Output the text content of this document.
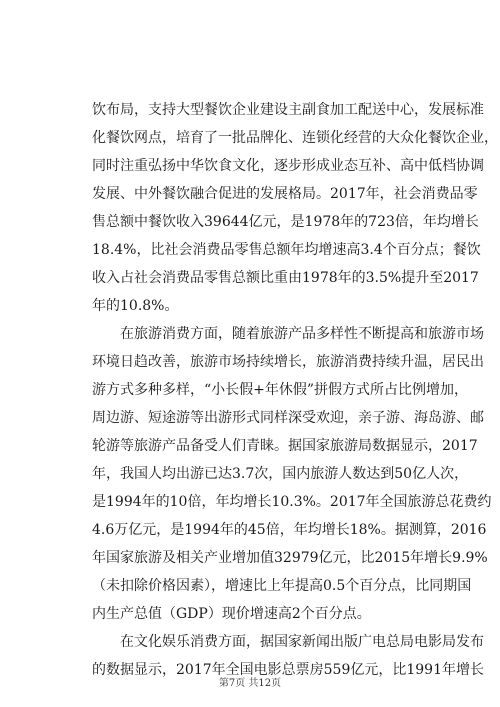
饮布局，支持大型餐饮企业建设主副食加工配送中心，发展标准
化餐饮网点，培育了一批品牌化、连锁化经营的大众化餐饮企业，
同时注重弘扬中华饮食文化，逐步形成业态互补、高中低档协调
发展、中外餐饮融合促进的发展格局。2017年，社会消费品零
售总额中餐饮收入39644亿元，是1978年的723倍，年均增长
18.4%，比社会消费品零售总额年均增速高3.4个百分点；餐饮
收入占社会消费品零售总额比重由1978年的3.5%提升至2017
年的10.8%。
在旅游消费方面，随着旅游产品多样性不断提高和旅游市场
环境日趋改善，旅游市场持续增长，旅游消费持续升温，居民出
游方式多种多样，“小长假+年休假”拼假方式所占比例增加，
周边游、短途游等出游形式同样深受欢迎，亲子游、海岛游、邮
轮游等旅游产品备受人们青睐。据国家旅游局数据显示，2017
年，我国人均出游已达3.7次，国内旅游人数达到50亿人次，
是1994年的10倍，年均增长10.3%。2017年全国旅游总花费约
4.6万亿元，是1994年的45倍，年均增长18%。据测算，2016
年国家旅游及相关产业增加值32979亿元，比2015年增长9.9%
（未扣除价格因素），增速比上年提高0.5个百分点，比同期国
内生产总值（GDP）现价增速高2个百分点。
在文化娱乐消费方面，据国家新闻出版广电总局电影局发布
的数据显示，2017年全国电影总票房559亿元，比1991年增长
第7页 共12页
